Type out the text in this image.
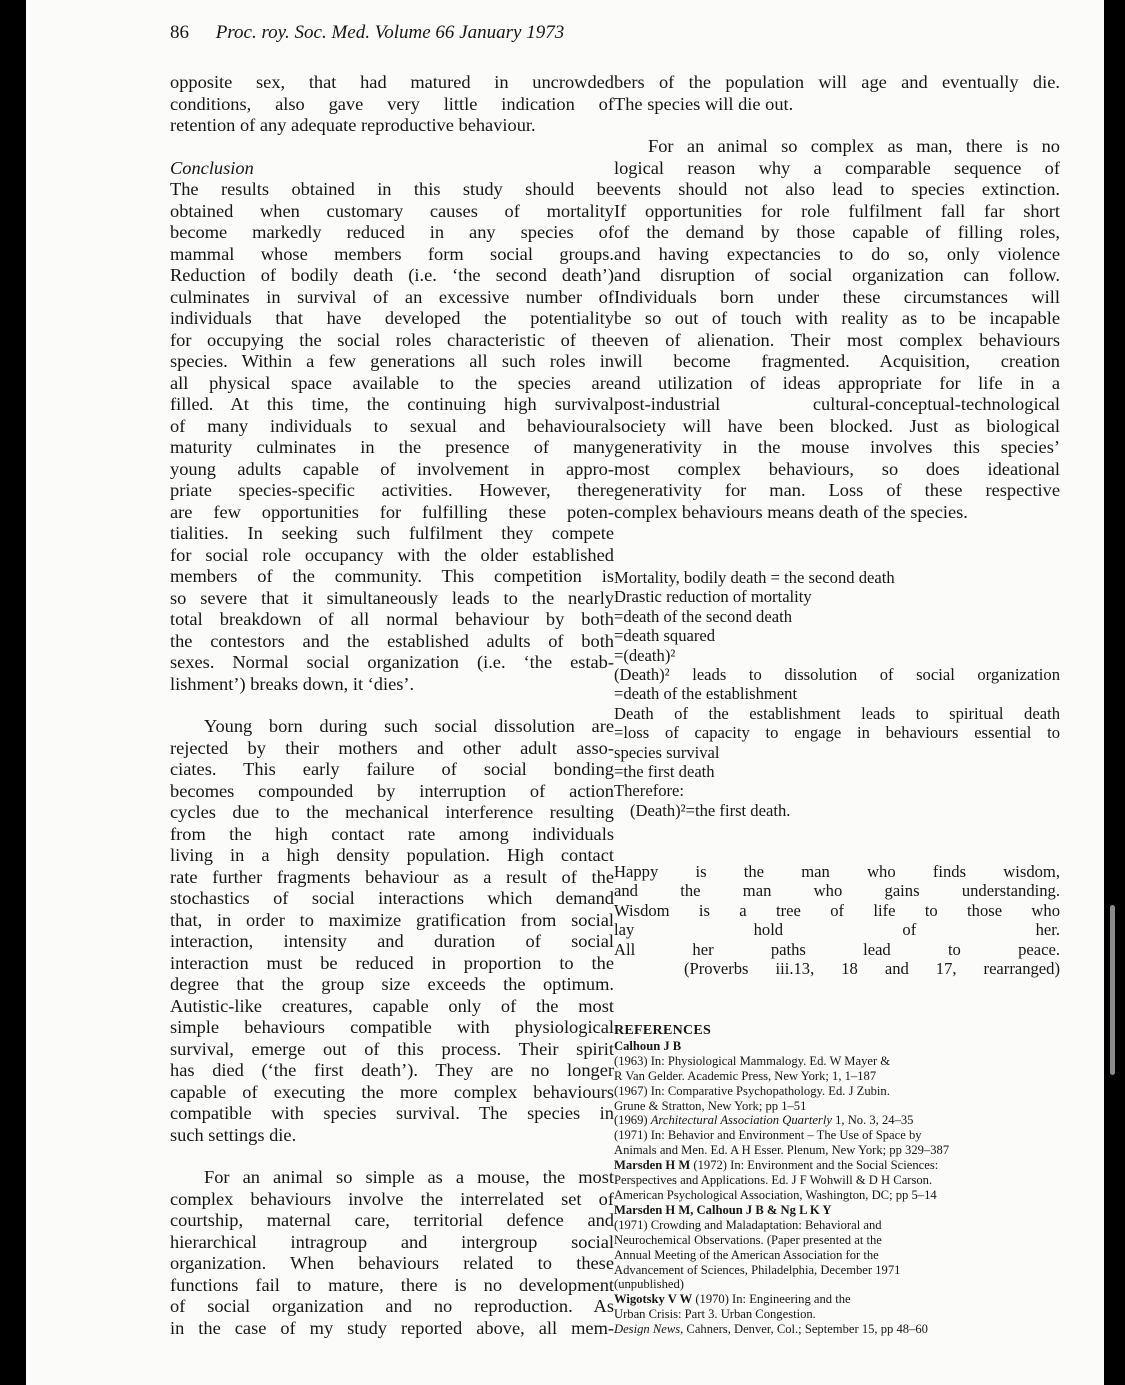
86 Proc. roy. Soc. Med. Volume 66 January 1973

opposite sex, that had matured in uncrowded
conditions, also gave very little indication of
retention of any adequate reproductive behaviour.

Conclusion
The results obtained in this study should be
obtained when customary causes of mortality
become markedly reduced in any species of
mammal whose members form social groups.
Reduction of bodily death (i.e. ‘the second death’)
culminates in survival of an excessive number of
individuals that have developed the potentiality
for occupying the social roles characteristic of the
species. Within a few generations all such roles in
all physical space available to the species are
filled. At this time, the continuing high survival
of many individuals to sexual and behavioural
maturity culminates in the presence of many
young adults capable of involvement in appro-
priate species-specific activities. However, there
are few opportunities for fulfilling these poten-
tialities. In seeking such fulfilment they compete
for social role occupancy with the older established
members of the community. This competition is
so severe that it simultaneously leads to the nearly
total breakdown of all normal behaviour by both
the contestors and the established adults of both
sexes. Normal social organization (i.e. ‘the estab-
lishment’) breaks down, it ‘dies’.

Young born during such social dissolution are
rejected by their mothers and other adult asso-
ciates. This early failure of social bonding
becomes compounded by interruption of action
cycles due to the mechanical interference resulting
from the high contact rate among individuals
living in a high density population. High contact
rate further fragments behaviour as a result of the
stochastics of social interactions which demand
that, in order to maximize gratification from social
interaction, intensity and duration of social
interaction must be reduced in proportion to the
degree that the group size exceeds the optimum.
Autistic-like creatures, capable only of the most
simple behaviours compatible with physiological
survival, emerge out of this process. Their spirit
has died (‘the first death’). They are no longer
capable of executing the more complex behaviours
compatible with species survival. The species in
such settings die.

For an animal so simple as a mouse, the most
complex behaviours involve the interrelated set of
courtship, maternal care, territorial defence and
hierarchical intragroup and intergroup social
organization. When behaviours related to these
functions fail to mature, there is no development
of social organization and no reproduction. As
in the case of my study reported above, all mem-

bers of the population will age and eventually die.
The species will die out.

For an animal so complex as man, there is no
logical reason why a comparable sequence of
events should not also lead to species extinction.
If opportunities for role fulfilment fall far short
of the demand by those capable of filling roles,
and having expectancies to do so, only violence
and disruption of social organization can follow.
Individuals born under these circumstances will
be so out of touch with reality as to be incapable
even of alienation. Their most complex behaviours
will become fragmented. Acquisition, creation
and utilization of ideas appropriate for life in a
post-industrial cultural-conceptual-technological
society will have been blocked. Just as biological
generativity in the mouse involves this species’
most complex behaviours, so does ideational
generativity for man. Loss of these respective
complex behaviours means death of the species.

Mortality, bodily death = the second death
Drastic reduction of mortality
=death of the second death
=death squared
=(death)²
(Death)² leads to dissolution of social organization
=death of the establishment
Death of the establishment leads to spiritual death
=loss of capacity to engage in behaviours essential to
species survival
=the first death
Therefore:
(Death)²=the first death.
Happy is the man who finds wisdom,
and the man who gains understanding.
Wisdom is a tree of life to those who
lay hold of her.
All her paths lead to peace.
(Proverbs iii.13, 18 and 17, rearranged)
REFERENCES
Calhoun J B
(1963) In: Physiological Mammalogy. Ed. W Mayer &
R Van Gelder. Academic Press, New York; 1, 1–187
(1967) In: Comparative Psychopathology. Ed. J Zubin.
Grune & Stratton, New York; pp 1–51
(1969) Architectural Association Quarterly 1, No. 3, 24–35
(1971) In: Behavior and Environment – The Use of Space by
Animals and Men. Ed. A H Esser. Plenum, New York; pp 329–387
Marsden H M (1972) In: Environment and the Social Sciences:
Perspectives and Applications. Ed. J F Wohwill & D H Carson.
American Psychological Association, Washington, DC; pp 5–14
Marsden H M, Calhoun J B & Ng L K Y
(1971) Crowding and Maladaptation: Behavioral and
Neurochemical Observations. (Paper presented at the
Annual Meeting of the American Association for the
Advancement of Sciences, Philadelphia, December 1971
(unpublished)
Wigotsky V W (1970) In: Engineering and the
Urban Crisis: Part 3. Urban Congestion.
Design News, Cahners, Denver, Col.; September 15, pp 48–60
